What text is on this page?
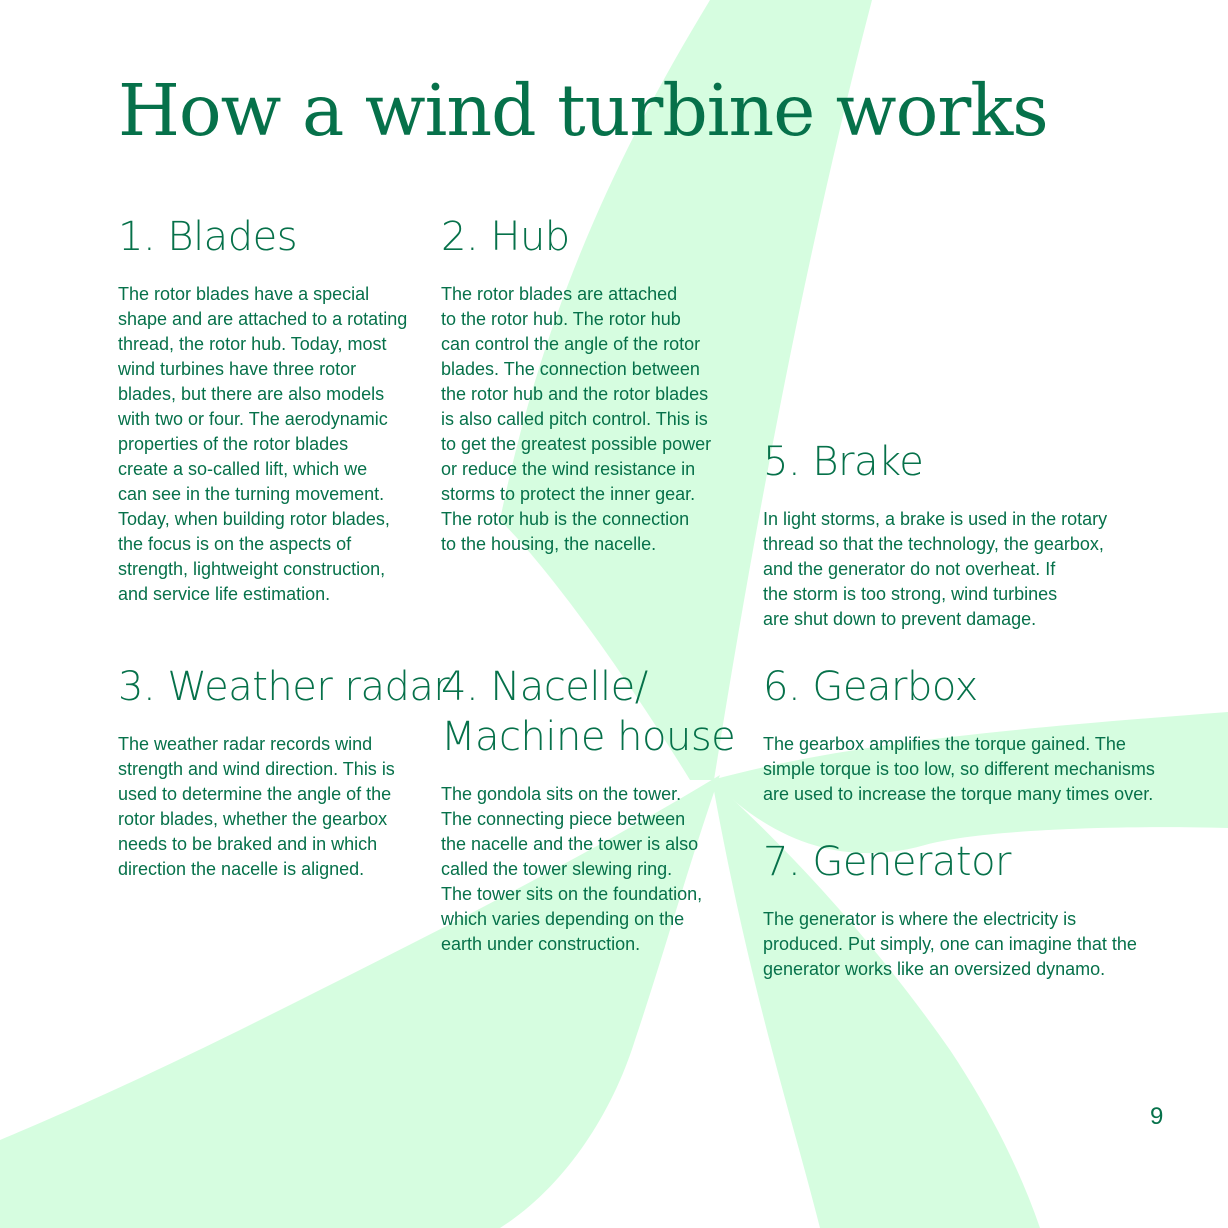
How a wind turbine works
1. Blades

The rotor blades have a special
shape and are attached to a rotating
thread, the rotor hub. Today, most
wind turbines have three rotor
blades, but there are also models
with two or four. The aerodynamic
properties of the rotor blades
create a so-called lift, which we
can see in the turning movement.
Today, when building rotor blades,
the focus is on the aspects of
strength, lightweight construction,
and service life estimation.

2. Hub

The rotor blades are attached
to the rotor hub. The rotor hub
can control the angle of the rotor
blades. The connection between
the rotor hub and the rotor blades
is also called pitch control. This is
to get the greatest possible power
or reduce the wind resistance in
storms to protect the inner gear.
The rotor hub is the connection
to the housing, the nacelle.

5. Brake

In light storms, a brake is used in the rotary
thread so that the technology, the gearbox,
and the generator do not overheat. If
the storm is too strong, wind turbines
are shut down to prevent damage.

3. Weather radar

The weather radar records wind
strength and wind direction. This is
used to determine the angle of the
rotor blades, whether the gearbox
needs to be braked and in which
direction the nacelle is aligned.

4. Nacelle/
Machine house

The gondola sits on the tower.
The connecting piece between
the nacelle and the tower is also
called the tower slewing ring.
The tower sits on the foundation,
which varies depending on the
earth under construction.

6. Gearbox

The gearbox amplifies the torque gained. The
simple torque is too low, so different mechanisms
are used to increase the torque many times over.

7. Generator

The generator is where the electricity is
produced. Put simply, one can imagine that the
generator works like an oversized dynamo.

9
